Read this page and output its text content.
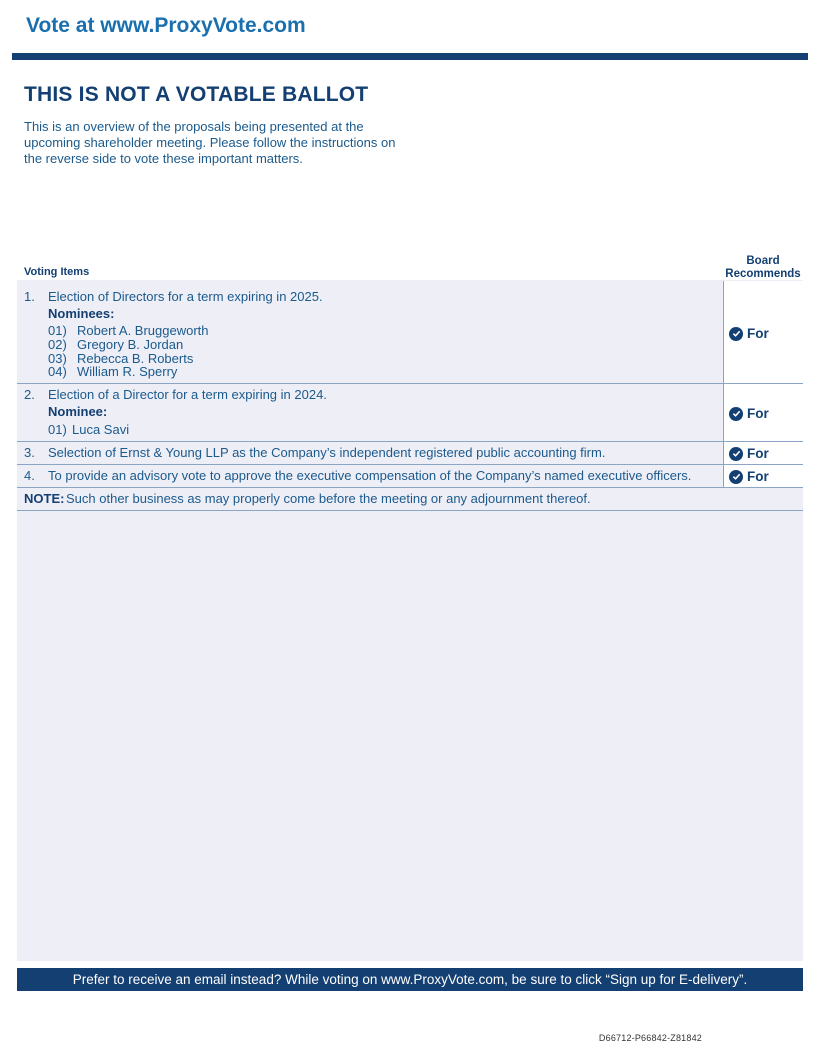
Vote at www.ProxyVote.com
THIS IS NOT A VOTABLE BALLOT
This is an overview of the proposals being presented at the
upcoming shareholder meeting. Please follow the instructions on
the reverse side to vote these important matters.
Voting Items
Board
Recommends
1. Election of Directors for a term expiring in 2025.
Nominees:
01) Robert A. Bruggeworth
02) Gregory B. Jordan
03) Rebecca B. Roberts
04) William R. Sperry
For
2. Election of a Director for a term expiring in 2024.
Nominee:
01) Luca Savi
For
3. Selection of Ernst & Young LLP as the Company’s independent registered public accounting firm.	For
4. To provide an advisory vote to approve the executive compensation of the Company’s named executive officers.	For
NOTE: Such other business as may properly come before the meeting or any adjournment thereof.
Prefer to receive an email instead? While voting on www.ProxyVote.com, be sure to click “Sign up for E-delivery”.
D66712-P66842-Z81842
